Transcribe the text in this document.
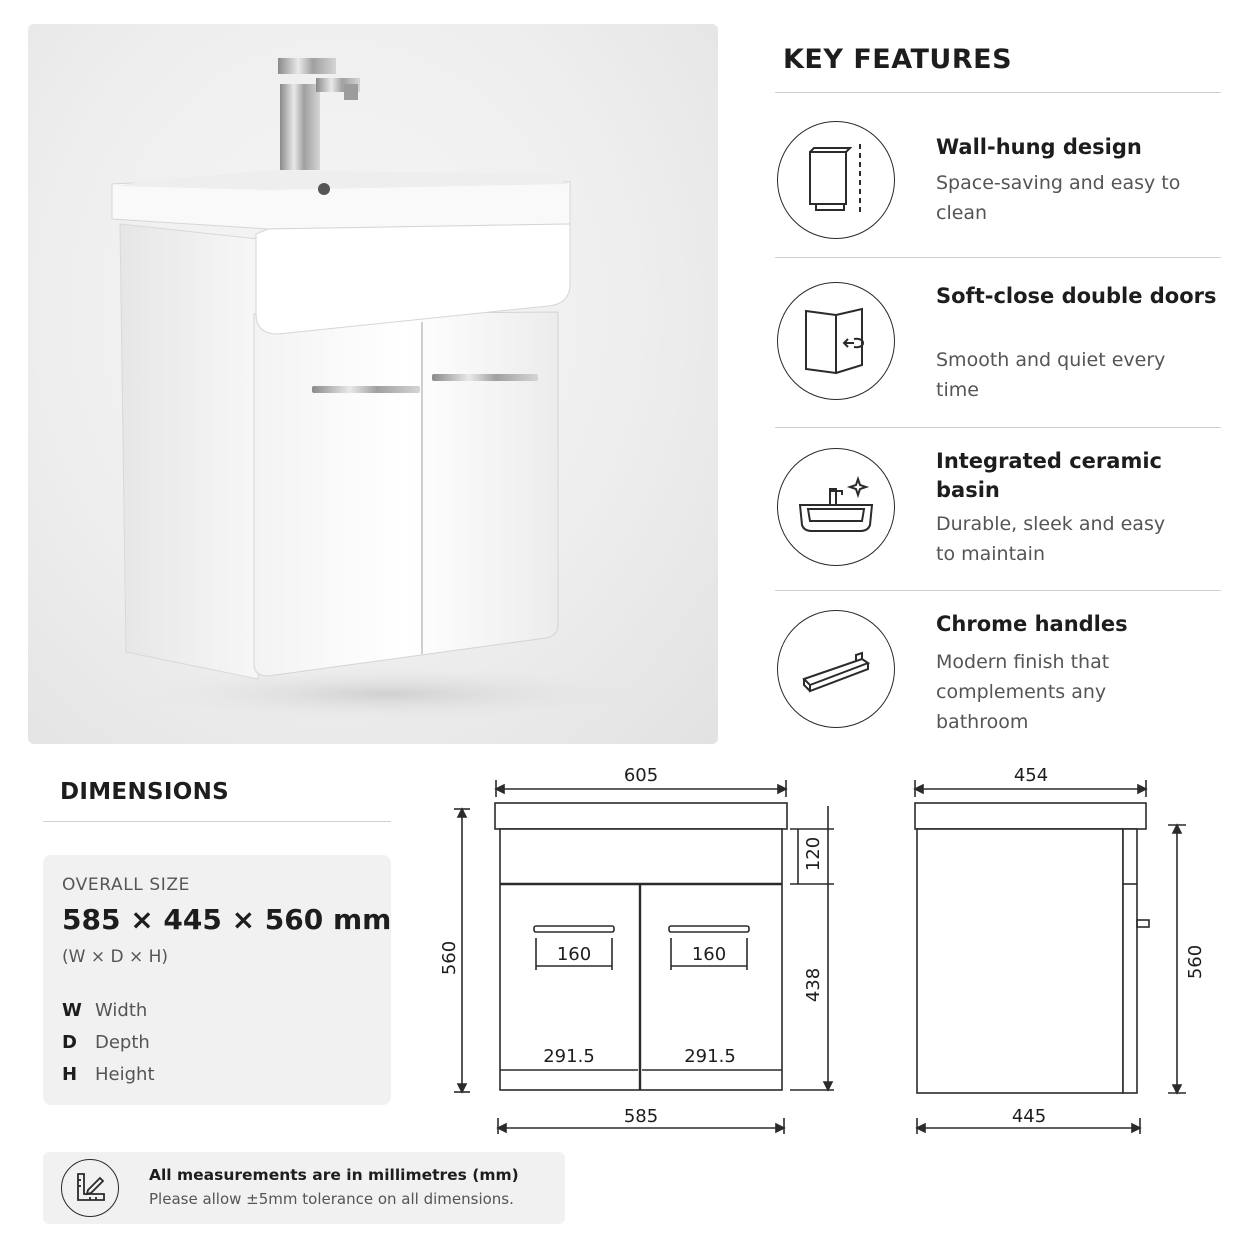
KEY FEATURES
Wall-hung design
Space-saving and easy to clean
Soft-close double doors
Smooth and quiet every time
Integrated ceramic basin
Durable, sleek and easy to maintain
Chrome handles
Modern finish that complements any bathroom
DIMENSIONS
OVERALL SIZE
585 × 445 × 560 mm
(W × D × H)
W Width
D Depth
H Height
All measurements are in millimetres (mm)
Please allow ±5mm tolerance on all dimensions.
605
160	160
291.5	291.5
585
560
120
438
454
445
560
